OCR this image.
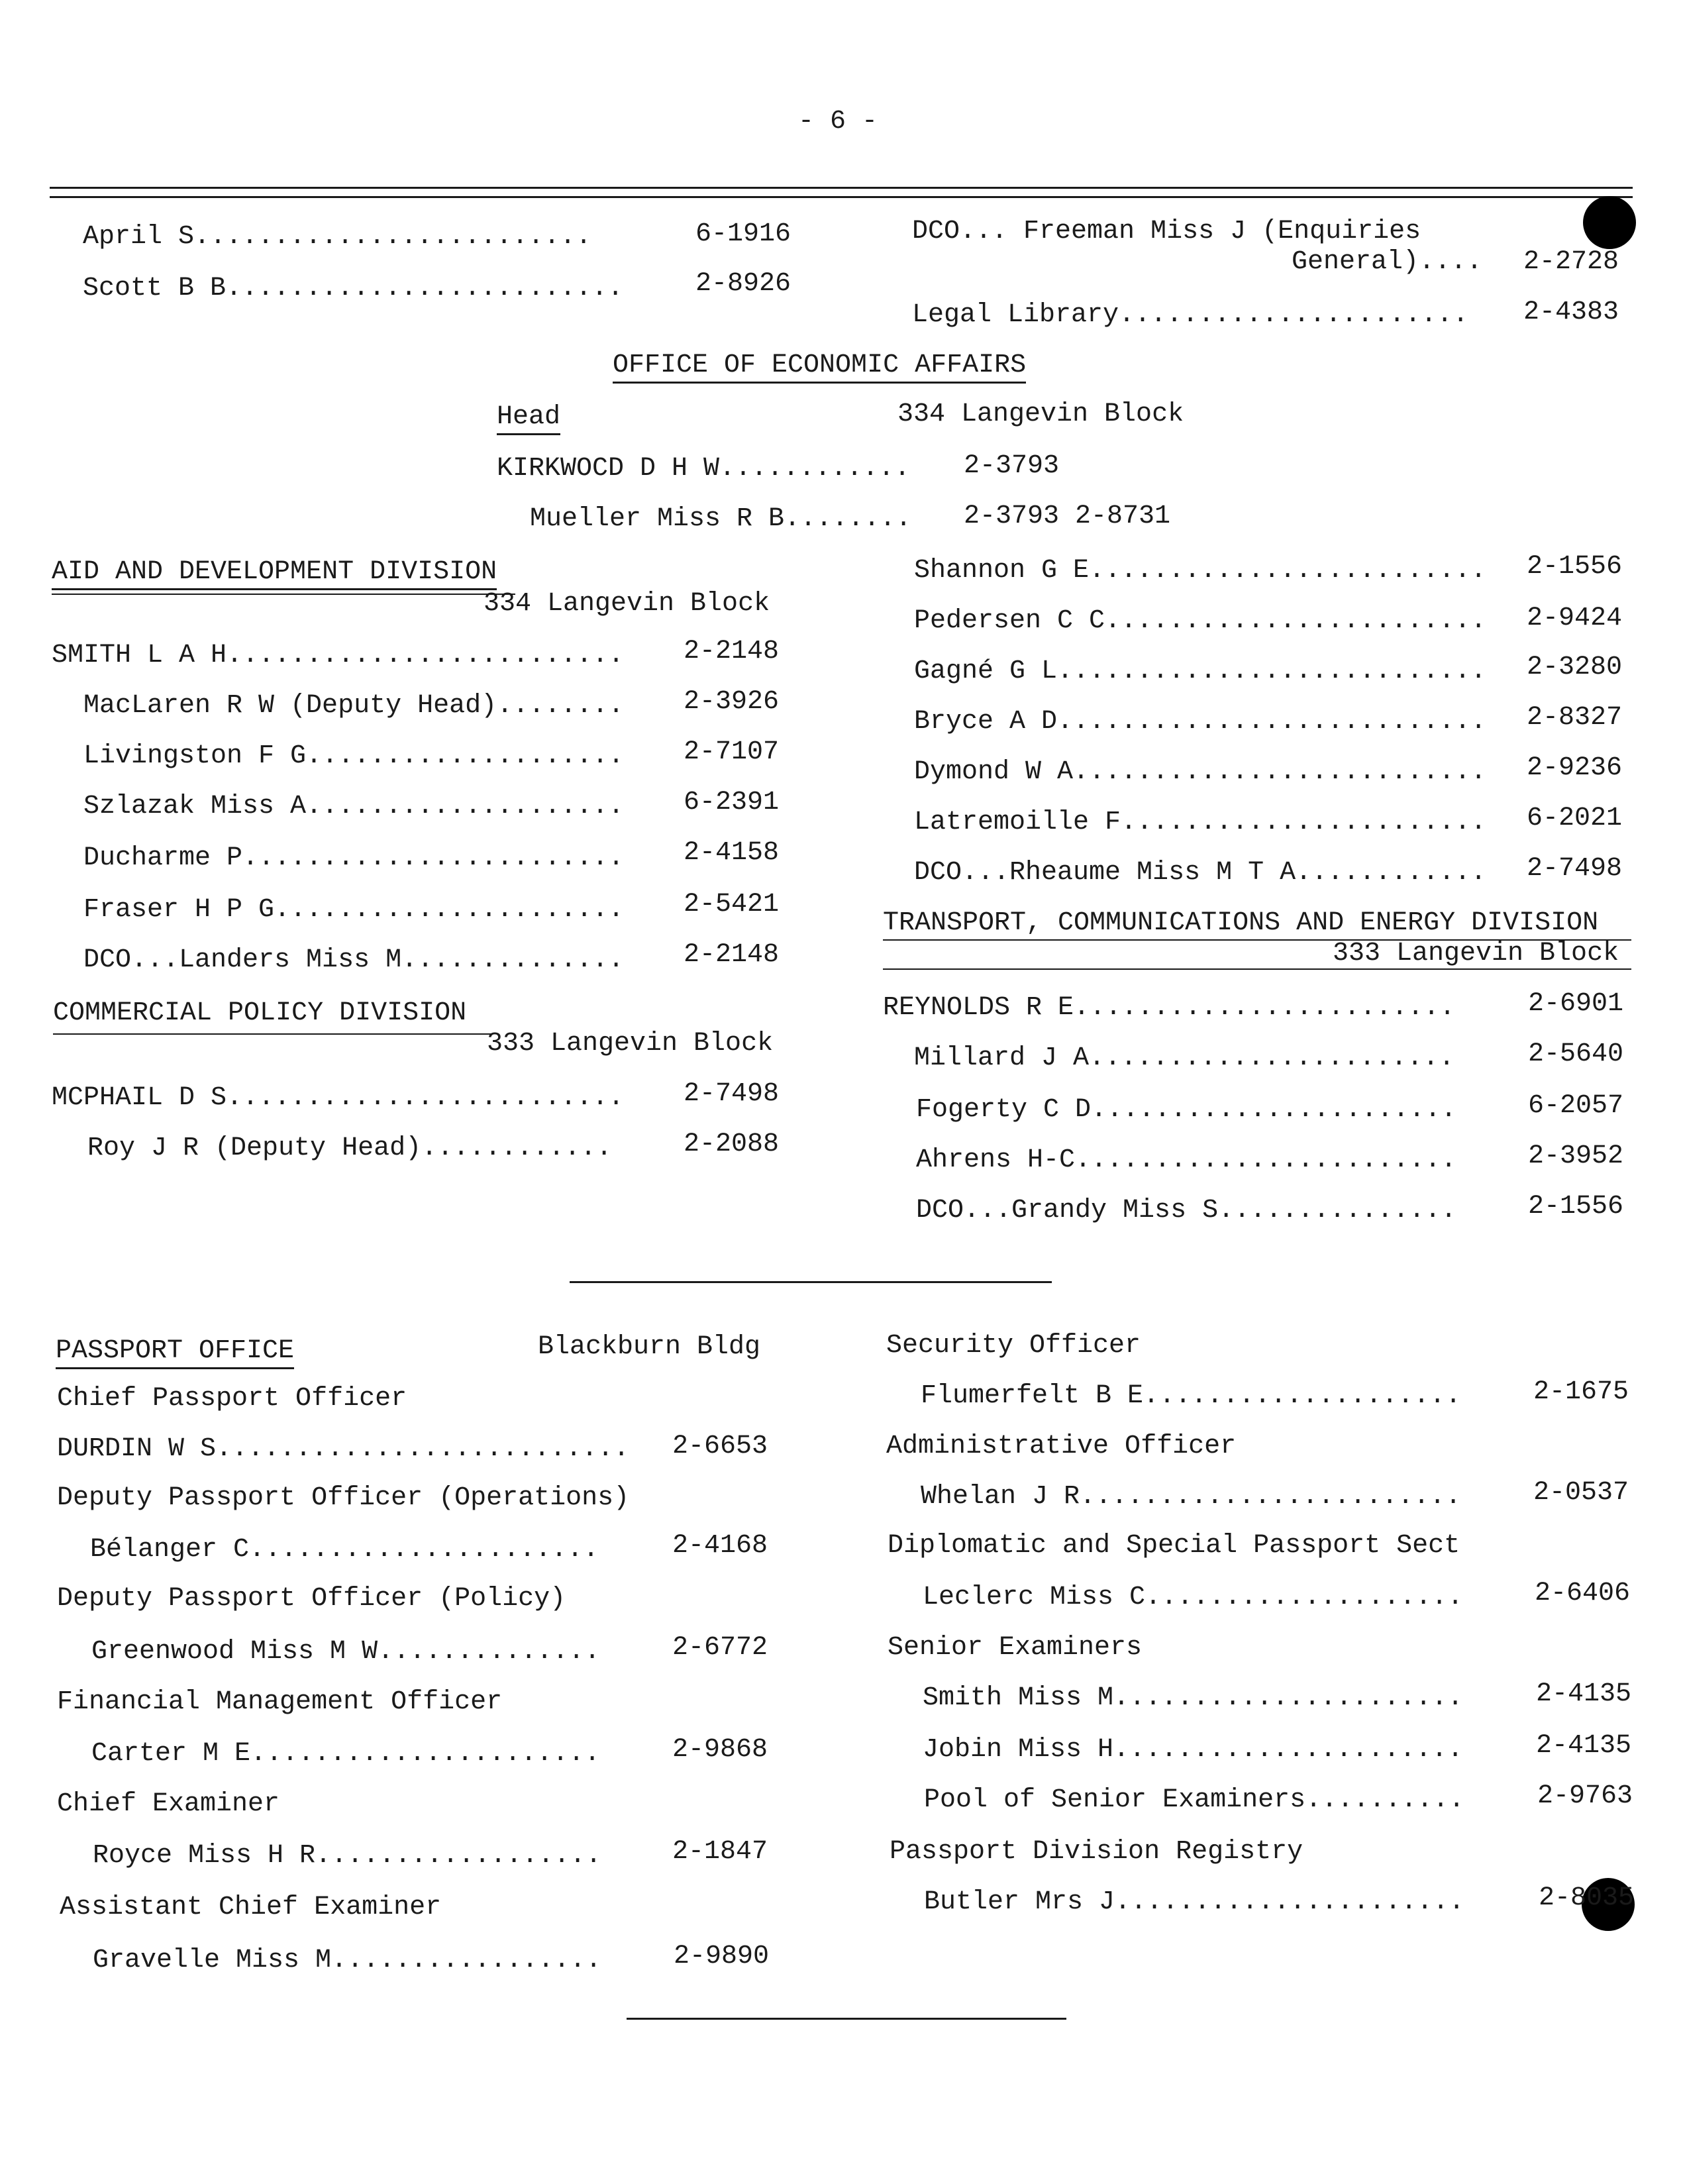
- 6 -
April S.........................	6-1916
Scott B B.........................	2-8926
DCO... Freeman Miss J (Enquiries
General).... 2-2728
Legal Library...................... 2-4383
OFFICE OF ECONOMIC AFFAIRS
Head	334 Langevin Block
KIRKWOCD D H W............ 2-3793
Mueller Miss R B........ 2-3793 2-8731
AID AND DEVELOPMENT DIVISION
334 Langevin Block
SMITH L A H......................... 2-2148
MacLaren R W (Deputy Head)........ 2-3926
Livingston F G.................... 2-7107
Szlazak Miss A.................... 6-2391
Ducharme P........................ 2-4158
Fraser H P G...................... 2-5421
DCO...Landers Miss M.............. 2-2148
Shannon G E......................... 2-1556
Pedersen C C........................ 2-9424
Gagné G L........................... 2-3280
Bryce A D........................... 2-8327
Dymond W A.......................... 2-9236
Latremoille F....................... 6-2021
DCO...Rheaume Miss M T A............ 2-7498
COMMERCIAL POLICY DIVISION
333 Langevin Block
MCPHAIL D S......................... 2-7498
Roy J R (Deputy Head)............	2-2088
TRANSPORT, COMMUNICATIONS AND ENERGY DIVISION
333 Langevin Block
REYNOLDS R E........................	2-6901
Millard J A.......................	2-5640
Fogerty C D.......................	6-2057
Ahrens H-C........................	2-3952
DCO...Grandy Miss S...............	2-1556
PASSPORT OFFICE	Blackburn Bldg
Chief Passport Officer
DURDIN W S.......................... 2-6653
Deputy Passport Officer (Operations)
Bélanger C......................	2-4168
Deputy Passport Officer (Policy)
Greenwood Miss M W..............	2-6772
Financial Management Officer
Carter M E......................	2-9868
Chief Examiner
Royce Miss H R..................	2-1847
Assistant Chief Examiner
Gravelle Miss M.................	2-9890
Security Officer
Flumerfelt B E....................	2-1675
Administrative Officer
Whelan J R........................	2-0537
Diplomatic and Special Passport Sect
Leclerc Miss C....................	2-6406
Senior Examiners
Smith Miss M......................	2-4135
Jobin Miss H......................	2-4135
Pool of Senior Examiners..........	2-9763
Passport Division Registry
Butler Mrs J......................	2-8035
